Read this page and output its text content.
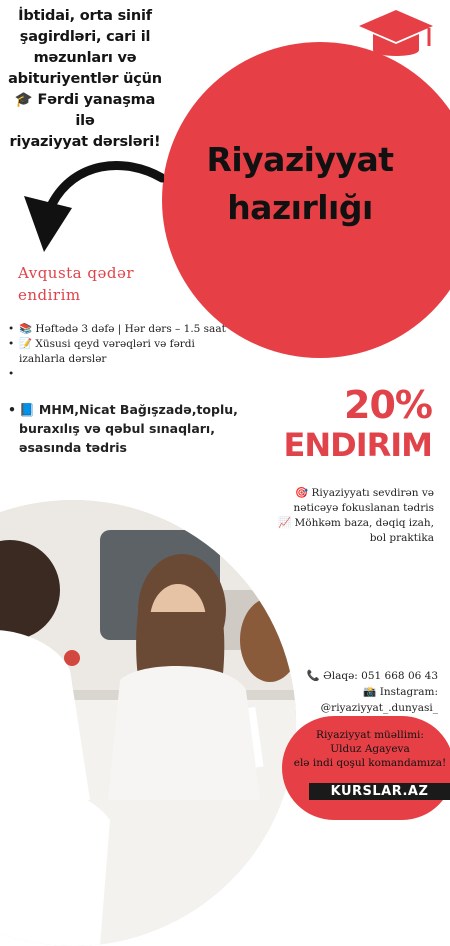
İbtidai, orta sinif
şagirdləri, cari il
məzunları və
abituriyentlər üçün
🎓 Fərdi yanaşma ilə
riyaziyyat dərsləri!	Riyaziyyat
hazırlığı
Avqusta qədər
endirim
• 📚 Həftədə 3 dəfə | Hər dərs – 1.5 saat
• 📝 Xüsusi qeyd vərəqləri və fərdi izahlarla dərslər
•
• 📘 MHM,Nicat Bağışzadə,toplu, buraxılış və qəbul sınaqları, əsasında tədris
20%
ENDIRIM
🎯 Riyaziyyatı sevdirən və
nəticəyə fokuslanan tədris
📈 Möhkəm baza, dəqiq izah,
bol praktika
📞 Əlaqə: 051 668 06 43
📸 Instagram:
@riyaziyyat_.dunyasi_
Riyaziyyat müəllimi:
Ulduz Agayeva
elə indi qoşul komandamıza!
KURSLAR.AZ
